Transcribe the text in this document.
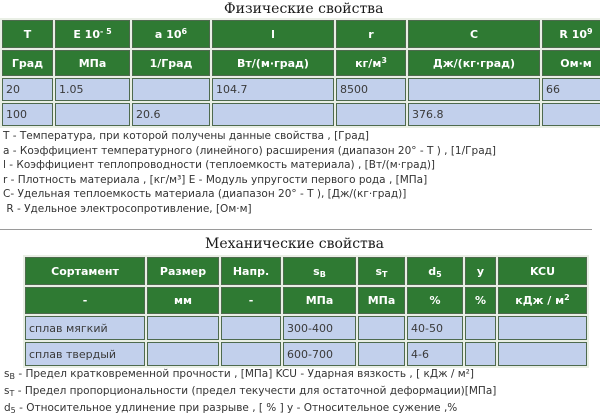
Физические свойства
T	E $10^{- 5}$	a $10^6$	l	r	C	R $10^9$
Град	МПа	1/Град	Вт/(м·град)	$кг/м^3$	Дж/(кг·град)	Ом·м
20	1.05		104.7	8500		66
100		20.6			376.8	
T - Температура, при которой получены данные свойства , [Град]
a - Коэффициент температурного (линейного) расширения (диапазон 20° - T ) , [1/Град]
l - Коэффициент теплопроводности (теплоемкость материала) , [Вт/(м·град)]
r - Плотность материала , [кг/м³] E - Модуль упругости первого рода , [МПа]
C- Удельная теплоемкость материала (диапазон 20° - T ), [Дж/(кг·град)]
R - Удельное электросопротивление, [Ом·м]
Механические свойства
Сортамент	Размер	Напр.	$s_B$	$s_T$	$d_5$	y	KCU
-	мм	-	МПа	МПа	%	%	кДж / $м^2$
сплав мягкий			300-400		40-50		
сплав твердый			600-700		4-6		
$s_B$ - Предел кратковременной прочности , [МПа] KCU - Ударная вязкость , [ кДж / м²]
$s_T$ - Предел пропорциональности (предел текучести для остаточной деформации)[МПа]
$d_5$ - Относительное удлинение при разрыве , [ % ] y - Относительное сужение ,%
